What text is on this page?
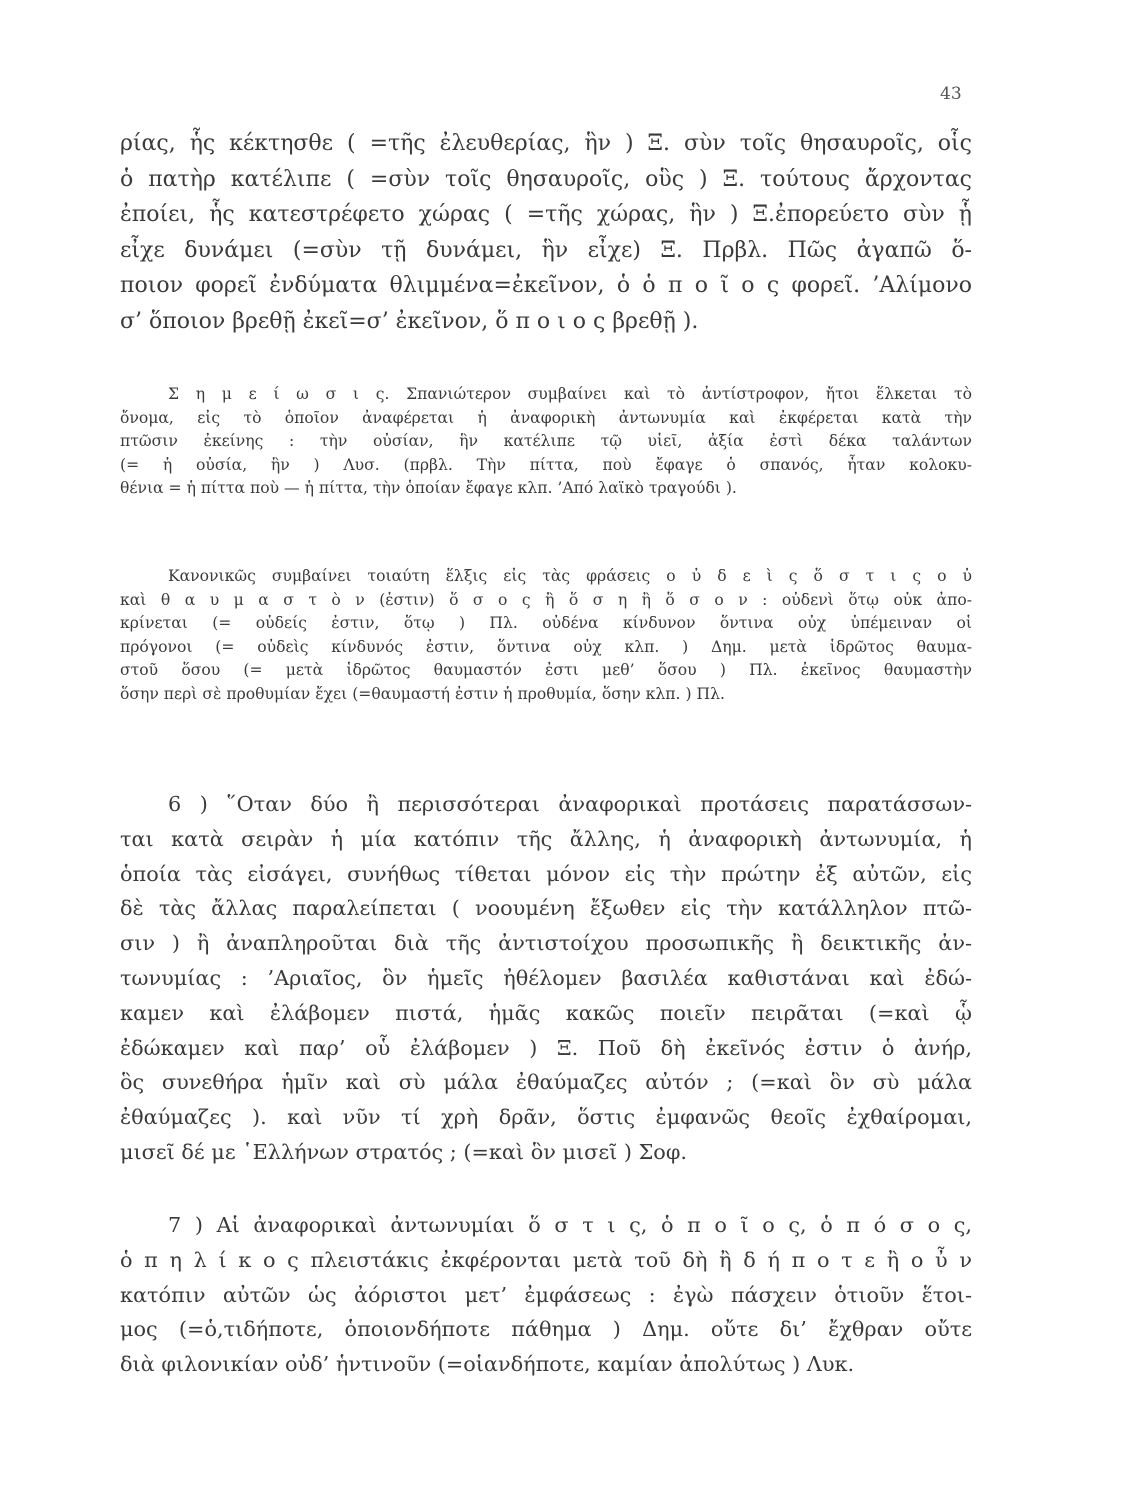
43
ρίας, ἧς κέκτησθε ( =τῆς ἐλευθερίας, ἣν ) Ξ. σὺν τοῖς θησαυροῖς, οἷς
ὁ πατὴρ κατέλιπε ( =σὺν τοῖς θησαυροῖς, οὓς ) Ξ. τούτους ἄρχοντας
ἐποίει, ἧς κατεστρέφετο χώρας ( =τῆς χώρας, ἣν ) Ξ.ἐπορεύετο σὺν ᾗ
εἶχε δυνάμει (=σὺν τῇ δυνάμει, ἣν εἶχε) Ξ. Πρβλ. Πῶς ἀγαπῶ ὅ-
ποιον φορεῖ ἐνδύματα θλιμμένα=ἐκεῖνον, ὁ ὁ π ο ῖ ο ς φορεῖ. ’Αλίμονο
σ’ ὅποιον βρεθῇ ἐκεῖ=σ’ ἐκεῖνον, ὅ π ο ι ο ς βρεθῇ ).
Σ η μ ε ί ω σ ι ς. Σπανιώτερον συμβαίνει καὶ τὸ ἀντίστροφον, ἤτοι ἕλκεται τὸ
ὄνομα, εἰς τὸ ὁποῖον ἀναφέρεται ἡ ἀναφορικὴ ἀντωνυμία καὶ ἐκφέρεται κατὰ τὴν
πτῶσιν ἐκείνης : τὴν οὐσίαν, ἣν κατέλιπε τῷ υἱεῖ, ἀξία ἐστὶ δέκα ταλάντων
(= ἡ οὐσία, ἣν ) Λυσ. (πρβλ. Τὴν πίττα, ποὺ ἔφαγε ὁ σπανός, ἦταν κολοκυ-
θένια = ἡ πίττα ποὺ — ἡ πίττα, τὴν ὁποίαν ἔφαγε κλπ. ’Από λαϊκὸ τραγούδι ).
Κανονικῶς συμβαίνει τοιαύτη ἕλξις εἰς τὰς φράσεις ο ὐ δ ε ὶ ς ὅ σ τ ι ς ο ὐ
καὶ θ α υ μ α σ τ ὸ ν (ἐστιν) ὅ σ ο ς ἢ ὅ σ η ἢ ὅ σ ο ν : οὐδενὶ ὅτῳ οὐκ ἀπο-
κρίνεται (= οὐδείς ἐστιν, ὅτῳ ) Πλ. οὐδένα κίνδυνον ὅντινα οὐχ ὑπέμειναν οἱ
πρόγονοι (= οὐδεὶς κίνδυνός ἐστιν, ὅντινα οὐχ κλπ. ) Δημ. μετὰ ἱδρῶτος θαυμα-
στοῦ ὅσου (= μετὰ ἱδρῶτος θαυμαστόν ἐστι μεθ’ ὅσου ) Πλ. ἐκεῖνος θαυμαστὴν
ὅσην περὶ σὲ προθυμίαν ἔχει (=θαυμαστή ἐστιν ἡ προθυμία, ὅσην κλπ. ) Πλ.
6 ) ῞Οταν δύο ἢ περισσότεραι ἀναφορικαὶ προτάσεις παρατάσσων-
ται κατὰ σειρὰν ἡ μία κατόπιν τῆς ἄλλης, ἡ ἀναφορικὴ ἀντωνυμία, ἡ
ὁποία τὰς εἰσάγει, συνήθως τίθεται μόνον εἰς τὴν πρώτην ἐξ αὐτῶν, εἰς
δὲ τὰς ἄλλας παραλείπεται ( νοουμένη ἔξωθεν εἰς τὴν κατάλληλον πτῶ-
σιν ) ἢ ἀναπληροῦται διὰ τῆς ἀντιστοίχου προσωπικῆς ἢ δεικτικῆς ἀν-
τωνυμίας : ’Αριαῖος, ὃν ἡμεῖς ἠθέλομεν βασιλέα καθιστάναι καὶ ἐδώ-
καμεν καὶ ἐλάβομεν πιστά, ἡμᾶς κακῶς ποιεῖν πειρᾶται (=καὶ ᾧ
ἐδώκαμεν καὶ παρ’ οὗ ἐλάβομεν ) Ξ. Ποῦ δὴ ἐκεῖνός ἐστιν ὁ ἀνήρ,
ὃς συνεθήρα ἡμῖν καὶ σὺ μάλα ἐθαύμαζες αὐτόν ; (=καὶ ὃν σὺ μάλα
ἐθαύμαζες ). καὶ νῦν τί χρὴ δρᾶν, ὅστις ἐμφανῶς θεοῖς ἐχθαίρομαι,
μισεῖ δέ με ῾Ελλήνων στρατός ; (=καὶ ὃν μισεῖ ) Σοφ.
7 ) Αἱ ἀναφορικαὶ ἀντωνυμίαι ὅ σ τ ι ς, ὁ π ο ῖ ο ς, ὁ π ό σ ο ς,
ὁ π η λ ί κ ο ς πλειστάκις ἐκφέρονται μετὰ τοῦ δὴ ἢ δ ή π ο τ ε ἢ ο ὖ ν
κατόπιν αὐτῶν ὡς ἀόριστοι μετ’ ἐμφάσεως : ἐγὼ πάσχειν ὁτιοῦν ἕτοι-
μος (=ὁ,τιδήποτε, ὁποιονδήποτε πάθημα ) Δημ. οὔτε δι’ ἔχθραν οὔτε
διὰ φιλονικίαν οὐδ’ ἡντινοῦν (=οἱανδήποτε, καμίαν ἀπολύτως ) Λυκ.
